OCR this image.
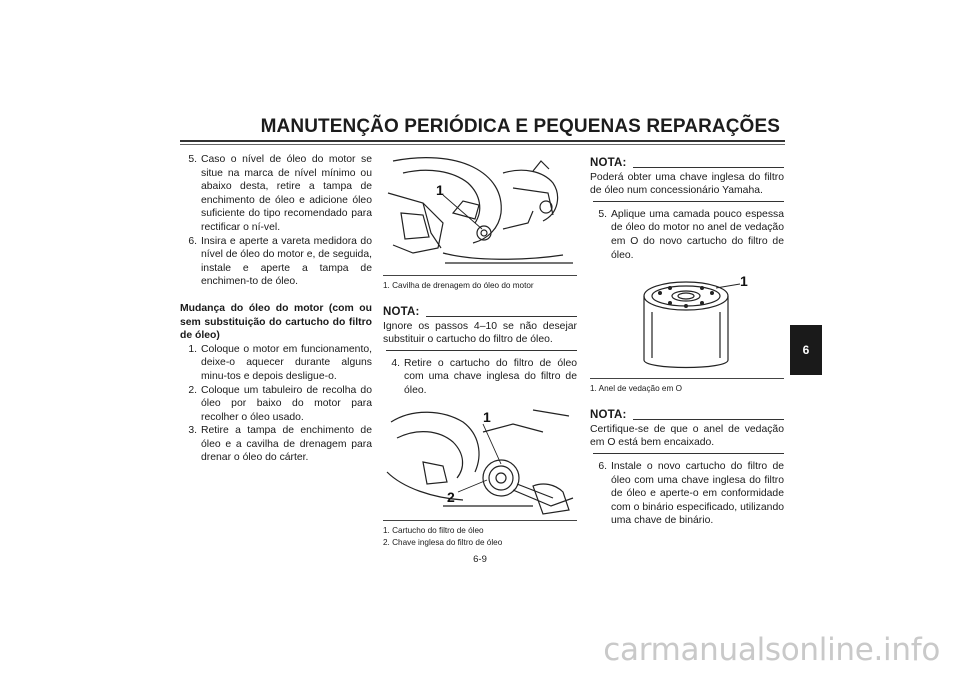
MANUTENÇÃO PERIÓDICA E PEQUENAS REPARAÇÕES
5. Caso o nível de óleo do motor se situe na marca de nível mínimo ou abaixo desta, retire a tampa de enchimento de óleo e adicione óleo suficiente do tipo recomendado para rectificar o ní-vel.
6. Insira e aperte a vareta medidora do nível de óleo do motor e, de seguida, instale e aperte a tampa de enchimen-to de óleo.
Mudança do óleo do motor (com ou sem substituição do cartucho do filtro de óleo)
1. Coloque o motor em funcionamento, deixe-o aquecer durante alguns minu-tos e depois desligue-o.
2. Coloque um tabuleiro de recolha do óleo por baixo do motor para recolher o óleo usado.
3. Retire a tampa de enchimento de óleo e a cavilha de drenagem para drenar o óleo do cárter.
1
1. Cavilha de drenagem do óleo do motor
NOTA:
Ignore os passos 4–10 se não desejar substituir o cartucho do filtro de óleo.
4. Retire o cartucho do filtro de óleo com uma chave inglesa do filtro de óleo.
1
2
1. Cartucho do filtro de óleo
2. Chave inglesa do filtro de óleo
NOTA:
Poderá obter uma chave inglesa do filtro de óleo num concessionário Yamaha.
5. Aplique uma camada pouco espessa de óleo do motor no anel de vedação em O do novo cartucho do filtro de óleo.
1
1. Anel de vedação em O
NOTA:
Certifique-se de que o anel de vedação em O está bem encaixado.
6. Instale o novo cartucho do filtro de óleo com uma chave inglesa do filtro de óleo e aperte-o em conformidade com o binário especificado, utilizando uma chave de binário.
6
6-9
carmanualsonline.info
